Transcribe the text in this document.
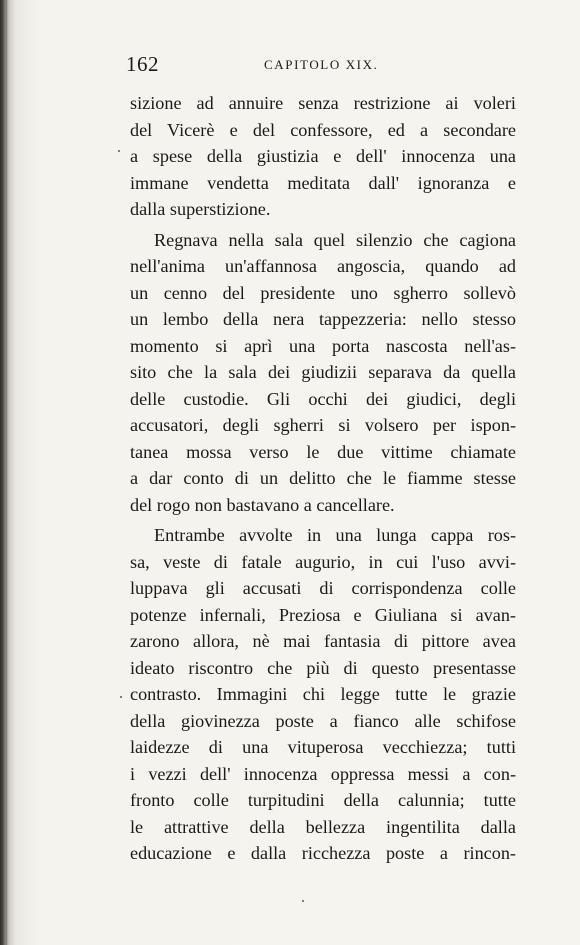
162	CAPITOLO XIX.
sizione ad annuire senza restrizione ai voleri
del Vicerè e del confessore, ed a secondare
a spese della giustizia e dell' innocenza una
immane vendetta meditata dall' ignoranza e
dalla superstizione.
Regnava nella sala quel silenzio che cagiona
nell'anima un'affannosa angoscia, quando ad
un cenno del presidente uno sgherro sollevò
un lembo della nera tappezzeria: nello stesso
momento si aprì una porta nascosta nell'as-
sito che la sala dei giudizii separava da quella
delle custodie. Gli occhi dei giudici, degli
accusatori, degli sgherri si volsero per ispon-
tanea mossa verso le due vittime chiamate
a dar conto di un delitto che le fiamme stesse
del rogo non bastavano a cancellare.
Entrambe avvolte in una lunga cappa ros-
sa, veste di fatale augurio, in cui l'uso avvi-
luppava gli accusati di corrispondenza colle
potenze infernali, Preziosa e Giuliana si avan-
zarono allora, nè mai fantasia di pittore avea
ideato riscontro che più di questo presentasse
contrasto. Immagini chi legge tutte le grazie
della giovinezza poste a fianco alle schifose
laidezze di una vituperosa vecchiezza; tutti
i vezzi dell' innocenza oppressa messi a con-
fronto colle turpitudini della calunnia; tutte
le attrattive della bellezza ingentilita dalla
educazione e dalla ricchezza poste a rincon-
